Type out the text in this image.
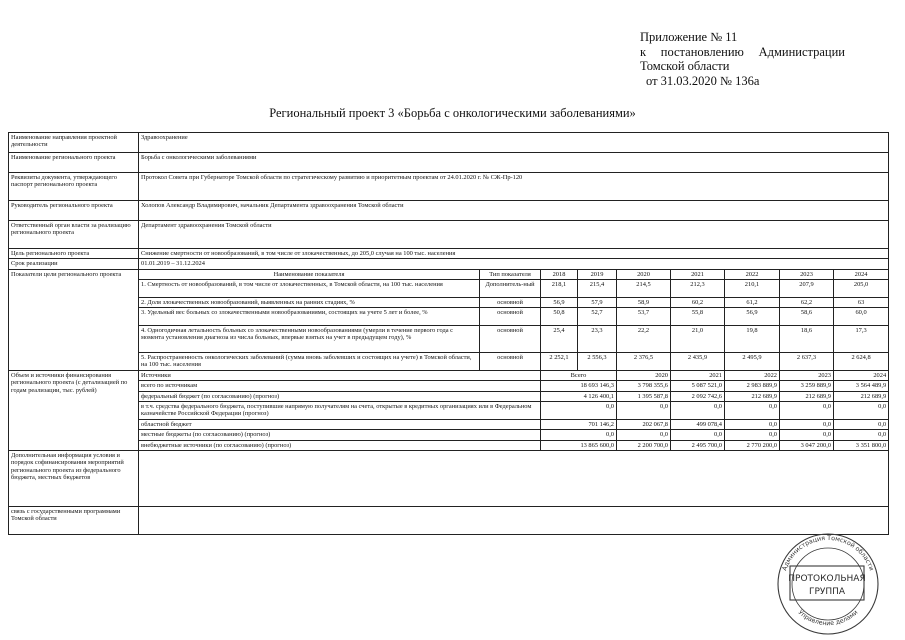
Приложение № 11
к постановлению Администрации
Томской области
от 31.03.2020 № 136а
Региональный проект 3 «Борьба с онкологическими заболеваниями»
Наименование направления проектной деятельности	Здравоохранение								
Наименование регионального проекта	Борьба с онкологическими заболеваниями								
Реквизиты документа, утверждающего паспорт регионального проекта	Протокол Совета при Губернаторе Томской области по стратегическому развитию и приоритетным проектам от 24.01.2020 г. № СЖ-Пр-120								
Руководитель регионального проекта	Холопов Александр Владимирович, начальник Департамента здравоохранения Томской области								
Ответственный орган власти за реализацию регионального проекта	Департамент здравоохранения Томской области								
Цель регионального проекта	Снижение смертности от новообразований, в том числе от злокачественных, до 205,0 случая на 100 тыс. населения								
Срок реализации	01.01.2019 – 31.12.2024								
Показатели цели регионального проекта	Наименование показателя	Тип показателя	2018	2019	2020	2021	2022	2023	2024
	1. Смертность от новообразований, в том числе от злокачественных, в Томской области, на 100 тыс. населения	Дополнитель-ный	218,1	215,4	214,5	212,3	210,1	207,9	205,0
	2. Доля злокачественных новообразований, выявленных на ранних стадиях, %	основной	56,9	57,9	58,9	60,2	61,2	62,2	63
	3. Удельный вес больных со злокачественными новообразованиями, состоящих на учете 5 лет и более, %	основной	50,8	52,7	53,7	55,8	56,9	58,6	60,0
	4. Одногодичная летальность больных со злокачественными новообразованиями (умерли в течение первого года с момента установления диагноза из числа больных, впервые взятых на учет в предыдущем году), %	основной	25,4	23,3	22,2	21,0	19,8	18,6	17,3
	5. Распространенность онкологических заболеваний (сумма вновь заболевших и состоящих на учете) в Томской области, на 100 тыс. населения	основной	2 252,1	2 556,3	2 376,5	2 435,9	2 495,9	2 637,3	2 624,8
Объем и источники финансирования регионального проекта (с детализацией по годам реализации, тыс. рублей)	Источники		Всего		2020	2021	2022	2023	2024
	всего по источникам		18 693 146,3		3 798 355,6	5 087 521,0	2 983 889,9	3 259 889,9	3 564 489,9
	федеральный бюджет (по согласованию) (прогноз)		4 126 400,1		1 395 587,8	2 092 742,6	212 689,9	212 689,9	212 689,9
	в т.ч. средства федерального бюджета, поступившие напрямую получателям на счета, открытые в кредитных организациях или в Федеральном казначействе Российской Федерации (прогноз)		0,0		0,0	0,0	0,0	0,0	0,0
	областной бюджет		701 146,2		202 067,8	499 078,4	0,0	0,0	0,0
	местные бюджеты (по согласованию) (прогноз)		0,0		0,0	0,0	0,0	0,0	0,0
	внебюджетные источники (по согласованию) (прогноз)		13 865 600,0		2 200 700,0	2 495 700,0	2 770 200,0	3 047 200,0	3 351 800,0
Дополнительная информация условия и порядок софинансирования мероприятий регионального проекта из федерального бюджета, местных бюджетов									
связь с государственными программами Томской области									
Администрация Томской области
Управление делами
ПРОТОКОЛЬНАЯ
ГРУППА
